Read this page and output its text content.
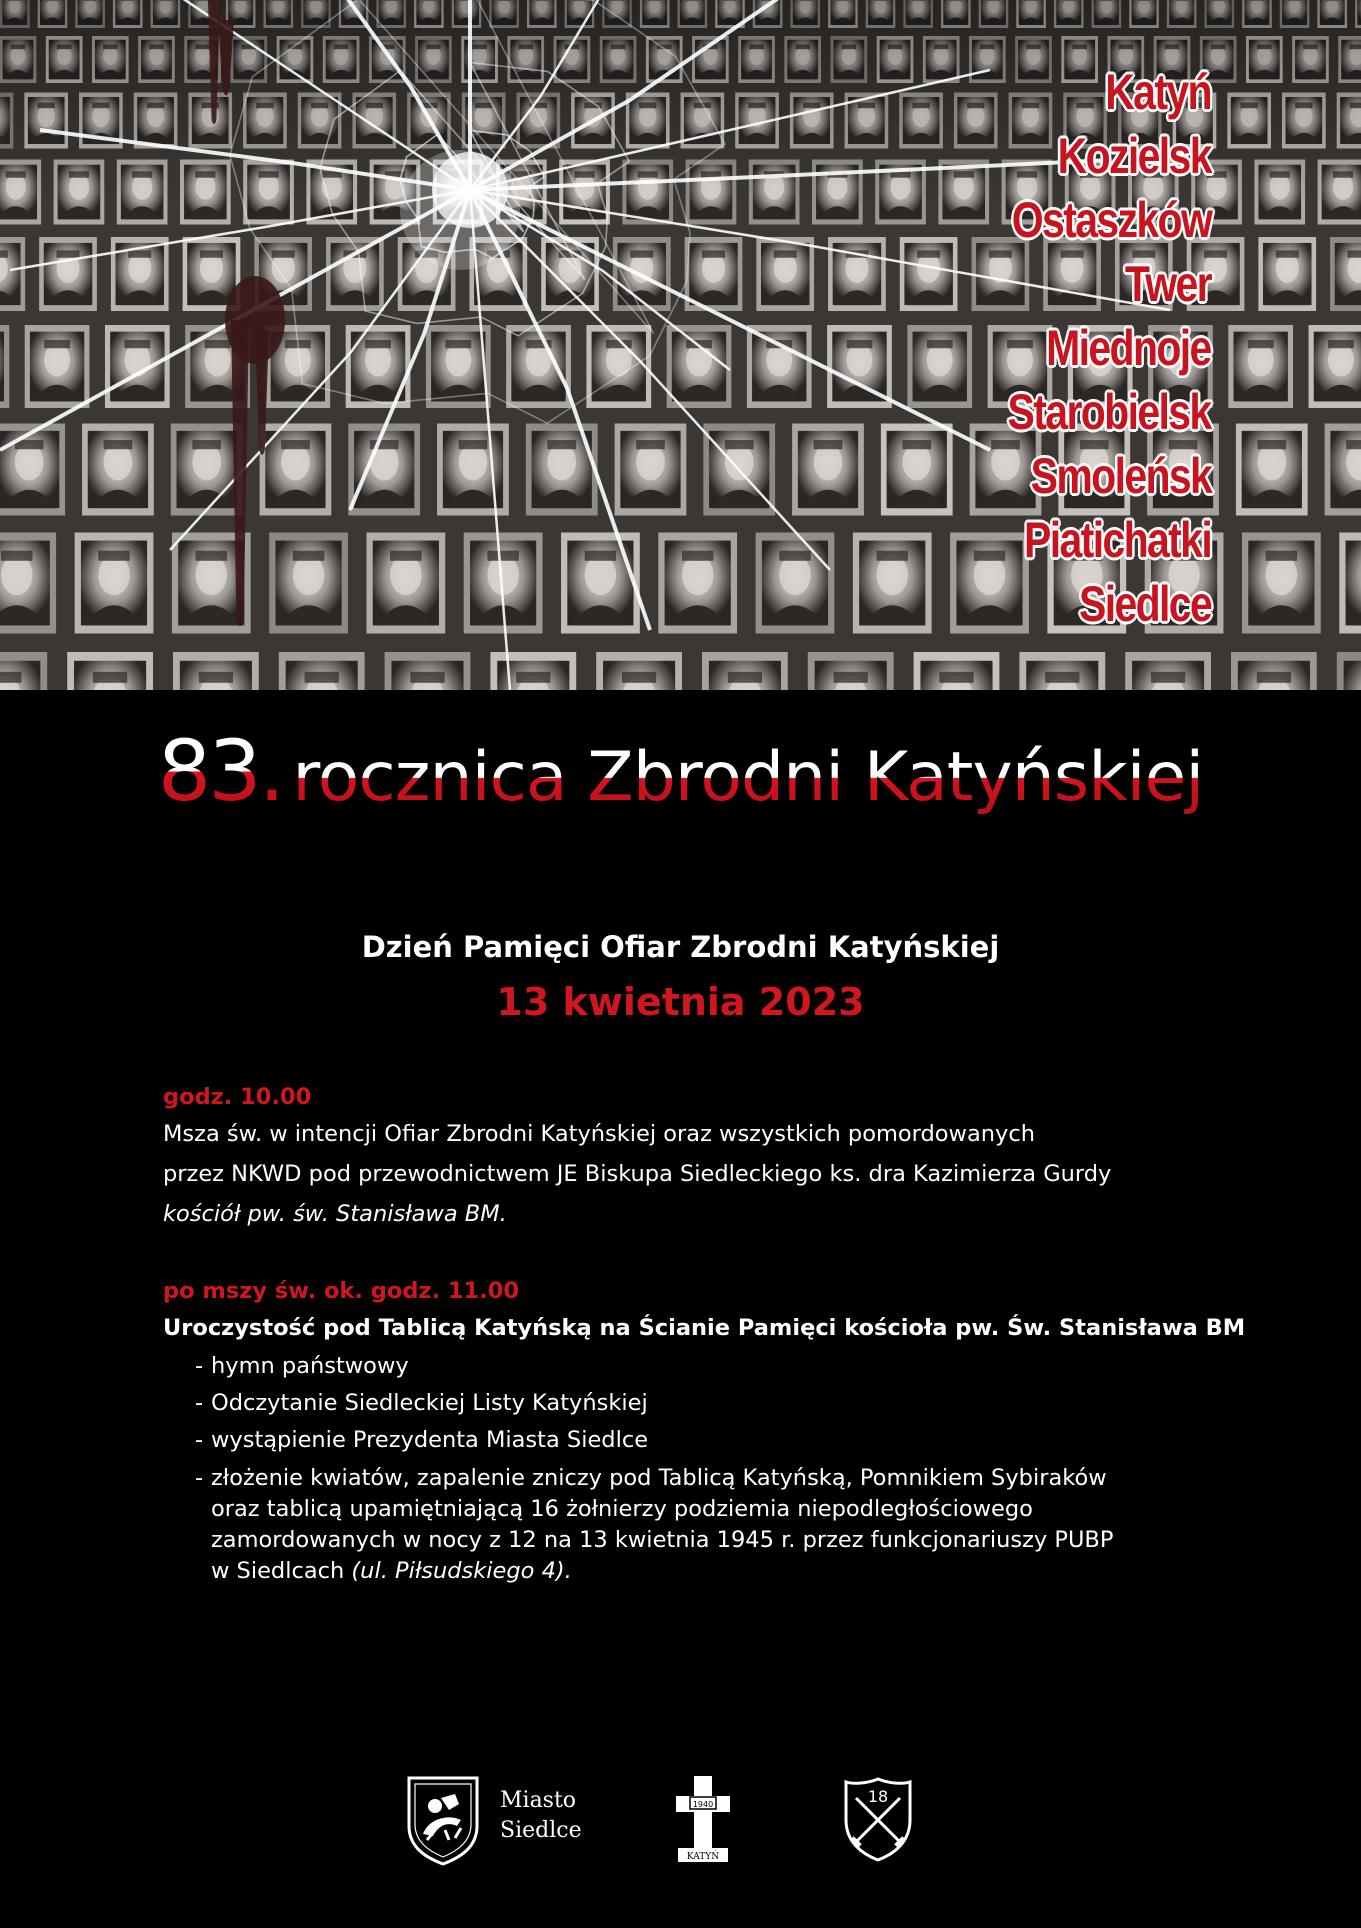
Katyń
Kozielsk
Ostaszków
Twer
Miednoje
Starobielsk
Smoleńsk
Piatichatki
Siedlce
83. rocznica Zbrodni Katyńskiej
Dzień Pamięci Ofiar Zbrodni Katyńskiej
13 kwietnia 2023
godz. 10.00
Msza św. w intencji Ofiar Zbrodni Katyńskiej oraz wszystkich pomordowanych
przez NKWD pod przewodnictwem JE Biskupa Siedleckiego ks. dra Kazimierza Gurdy
kościół pw. św. Stanisława BM.
po mszy św. ok. godz. 11.00
Uroczystość pod Tablicą Katyńską na Ścianie Pamięci kościoła pw. Św. Stanisława BM
- hymn państwowy
- Odczytanie Siedleckiej Listy Katyńskiej
- wystąpienie Prezydenta Miasta Siedlce
- złożenie kwiatów, zapalenie zniczy pod Tablicą Katyńską, Pomnikiem Sybiraków
oraz tablicą upamiętniającą 16 żołnierzy podziemia niepodległościowego
zamordowanych w nocy z 12 na 13 kwietnia 1945 r. przez funkcjonariuszy PUBP
w Siedlcach (ul. Piłsudskiego 4).
1940
KATYŃ
18
Miasto
Siedlce
